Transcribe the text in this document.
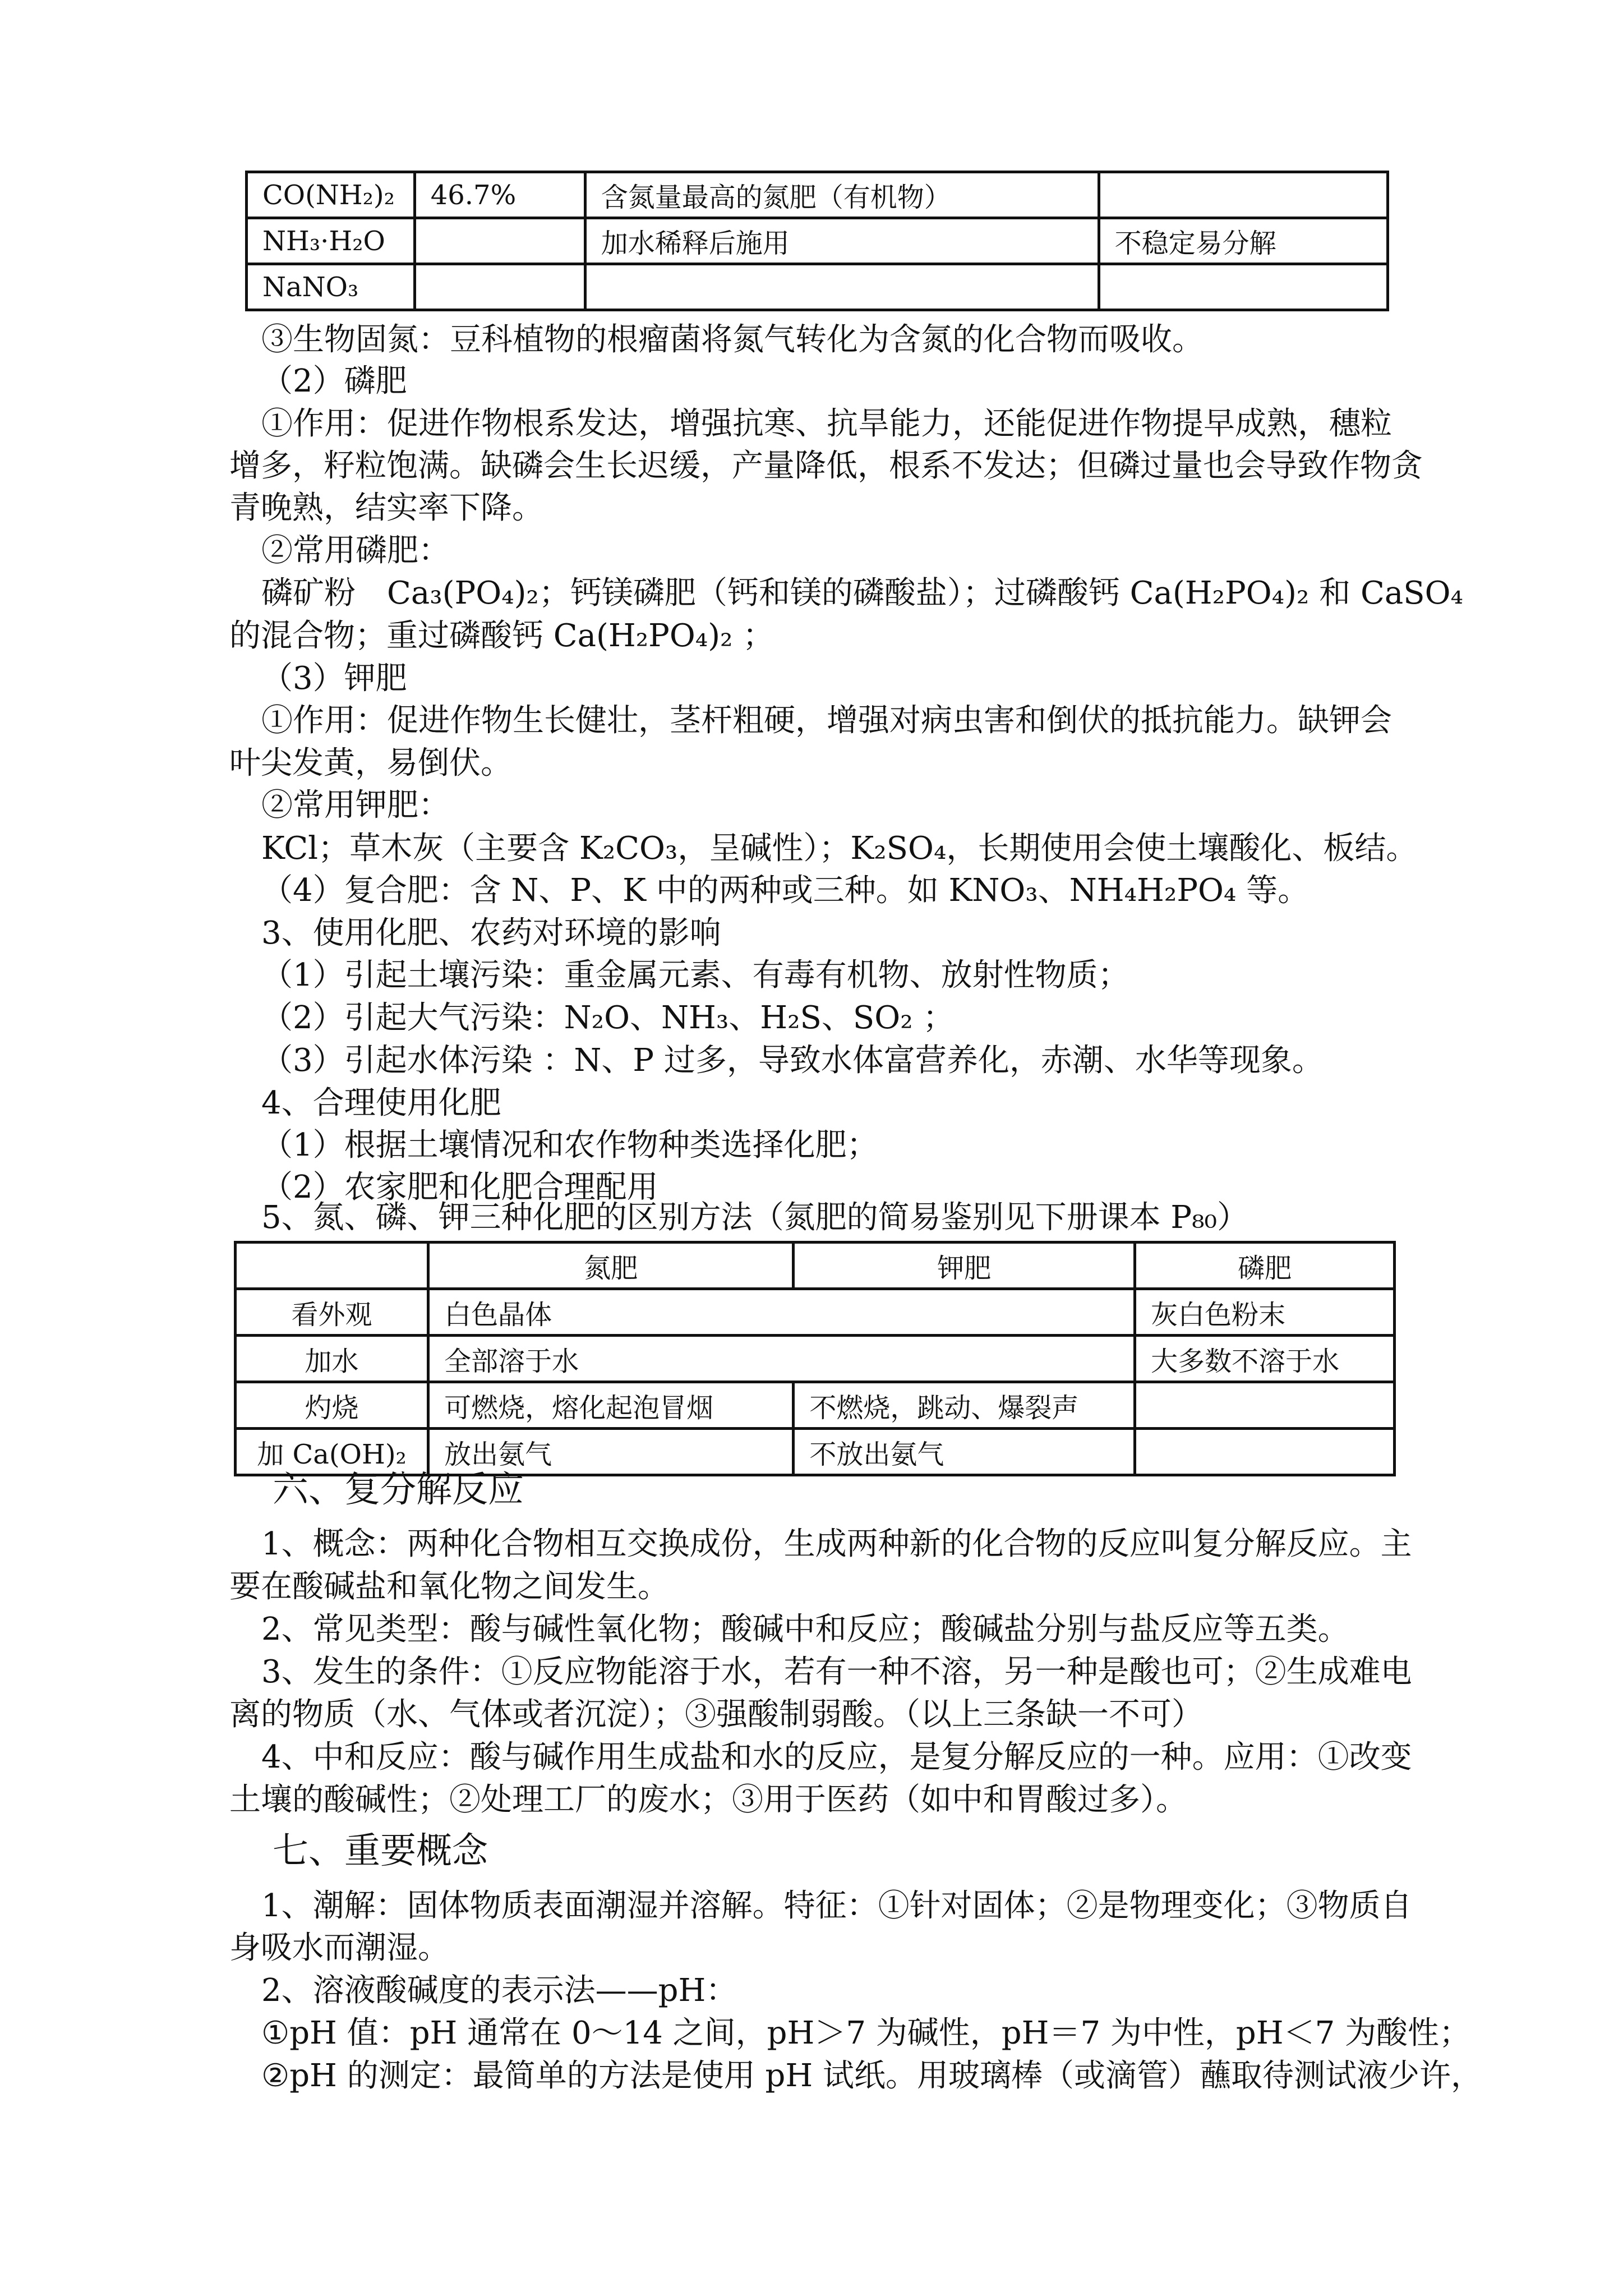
CO(NH₂)₂	46.7%	含氮量最高的氮肥（有机物）	
NH₃·H₂O		加水稀释后施用	不稳定易分解
NaNO₃			
③生物固氮：豆科植物的根瘤菌将氮气转化为含氮的化合物而吸收。
（2）磷肥
①作用：促进作物根系发达，增强抗寒、抗旱能力，还能促进作物提早成熟，穗粒
增多，籽粒饱满。缺磷会生长迟缓，产量降低，根系不发达；但磷过量也会导致作物贪
青晚熟，结实率下降。
②常用磷肥：
磷矿粉　Ca₃(PO₄)₂；钙镁磷肥（钙和镁的磷酸盐）；过磷酸钙 Ca(H₂PO₄)₂ 和 CaSO₄
的混合物；重过磷酸钙 Ca(H₂PO₄)₂ ；
（3）钾肥
①作用：促进作物生长健壮，茎杆粗硬，增强对病虫害和倒伏的抵抗能力。缺钾会
叶尖发黄，易倒伏。
②常用钾肥：
KCl；草木灰（主要含 K₂CO₃，呈碱性）；K₂SO₄，长期使用会使土壤酸化、板结。
（4）复合肥：含 N、P、K 中的两种或三种。如 KNO₃、NH₄H₂PO₄ 等。
3、使用化肥、农药对环境的影响
（1）引起土壤污染：重金属元素、有毒有机物、放射性物质；
（2）引起大气污染：N₂O、NH₃、H₂S、SO₂ ；
（3）引起水体污染 ：N、P 过多，导致水体富营养化，赤潮、水华等现象。
4、合理使用化肥
（1）根据土壤情况和农作物种类选择化肥；
（2）农家肥和化肥合理配用
5、氮、磷、钾三种化肥的区别方法（氮肥的简易鉴别见下册课本 P₈₀）
	氮肥	钾肥	磷肥
看外观	白色晶体		灰白色粉末
加水	全部溶于水		大多数不溶于水
灼烧	可燃烧，熔化起泡冒烟	不燃烧，跳动、爆裂声	
加 Ca(OH)₂	放出氨气	不放出氨气	
六、复分解反应
1、概念：两种化合物相互交换成份，生成两种新的化合物的反应叫复分解反应。主
要在酸碱盐和氧化物之间发生。
2、常见类型：酸与碱性氧化物；酸碱中和反应；酸碱盐分别与盐反应等五类。
3、发生的条件：①反应物能溶于水，若有一种不溶，另一种是酸也可；②生成难电
离的物质（水、气体或者沉淀）；③强酸制弱酸。（以上三条缺一不可）
4、中和反应：酸与碱作用生成盐和水的反应，是复分解反应的一种。应用：①改变
土壤的酸碱性；②处理工厂的废水；③用于医药（如中和胃酸过多）。
七、重要概念
1、潮解：固体物质表面潮湿并溶解。特征：①针对固体；②是物理变化；③物质自
身吸水而潮湿。
2、溶液酸碱度的表示法——pH：
①pH 值：pH 通常在 0～14 之间，pH＞7 为碱性，pH＝7 为中性，pH＜7 为酸性；
②pH 的测定：最简单的方法是使用 pH 试纸。用玻璃棒（或滴管）蘸取待测试液少许，
